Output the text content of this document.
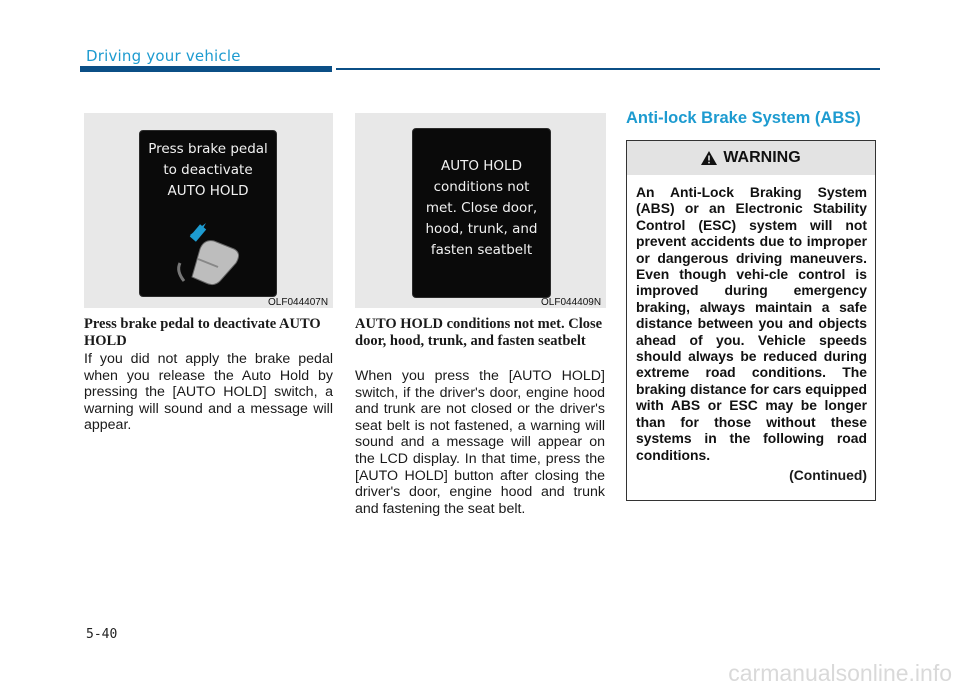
Driving your vehicle
Press brake pedal
to deactivate
AUTO HOLD
OLF044407N
AUTO HOLD
conditions not
met. Close door,
hood, trunk, and
fasten seatbelt
OLF044409N
Press brake pedal to deactivate AUTO HOLD
If you did not apply the brake pedal when you release the Auto Hold by pressing the [AUTO HOLD] switch, a warning will sound and a message will appear.
AUTO HOLD conditions not met. Close door, hood, trunk, and fasten seatbelt
When you press the [AUTO HOLD] switch, if the driver's door, engine hood and trunk are not closed or the driver's seat belt is not fastened, a warning will sound and a message will appear on the LCD display. In that time, press the [AUTO HOLD] button after closing the driver's door, engine hood and trunk and fastening the seat belt.
Anti-lock Brake System (ABS)
WARNING
An Anti-Lock Braking System (ABS) or an Electronic Stability Control (ESC) system will not prevent accidents due to improper or dangerous driving maneuvers. Even though vehi-cle control is improved during emergency braking, always maintain a safe distance between you and objects ahead of you. Vehicle speeds should always be reduced during extreme road conditions. The braking distance for cars equipped with ABS or ESC may be longer than for those without these systems in the following road conditions.
(Continued)
5-40
carmanualsonline.info
